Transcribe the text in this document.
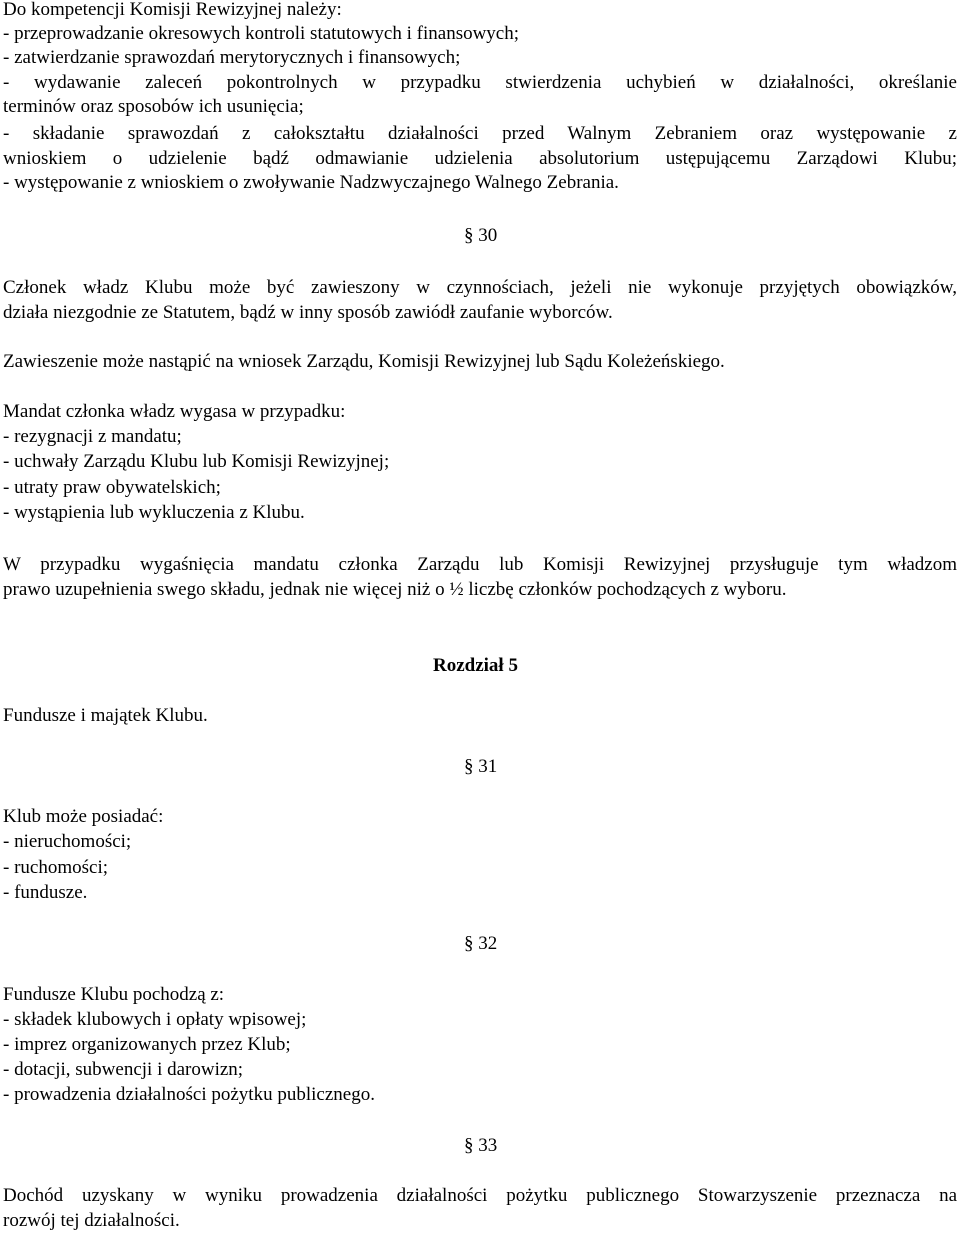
Do kompetencji Komisji Rewizyjnej należy:
- przeprowadzanie okresowych kontroli statutowych i finansowych;
- zatwierdzanie sprawozdań merytorycznych i finansowych;
- wydawanie zaleceń pokontrolnych w przypadku stwierdzenia uchybień w działalności, określanie
terminów oraz sposobów ich usunięcia;
- składanie sprawozdań z całokształtu działalności przed Walnym Zebraniem oraz występowanie z
wnioskiem o udzielenie bądź odmawianie udzielenia absolutorium ustępującemu Zarządowi Klubu;
- występowanie z wnioskiem o zwoływanie Nadzwyczajnego Walnego Zebrania.
§ 30
Członek władz Klubu może być zawieszony w czynnościach, jeżeli nie wykonuje przyjętych obowiązków,
działa niezgodnie ze Statutem, bądź w inny sposób zawiódł zaufanie wyborców.
Zawieszenie może nastąpić na wniosek Zarządu, Komisji Rewizyjnej lub Sądu Koleżeńskiego.
Mandat członka władz wygasa w przypadku:
- rezygnacji z mandatu;
- uchwały Zarządu Klubu lub Komisji Rewizyjnej;
- utraty praw obywatelskich;
- wystąpienia lub wykluczenia z Klubu.
W przypadku wygaśnięcia mandatu członka Zarządu lub Komisji Rewizyjnej przysługuje tym władzom
prawo uzupełnienia swego składu, jednak nie więcej niż o ½ liczbę członków pochodzących z wyboru.
Rozdział 5
Fundusze i majątek Klubu.
§ 31
Klub może posiadać:
- nieruchomości;
- ruchomości;
- fundusze.
§ 32
Fundusze Klubu pochodzą z:
- składek klubowych i opłaty wpisowej;
- imprez organizowanych przez Klub;
- dotacji, subwencji i darowizn;
- prowadzenia działalności pożytku publicznego.
§ 33
Dochód uzyskany w wyniku prowadzenia działalności pożytku publicznego Stowarzyszenie przeznacza na
rozwój tej działalności.
